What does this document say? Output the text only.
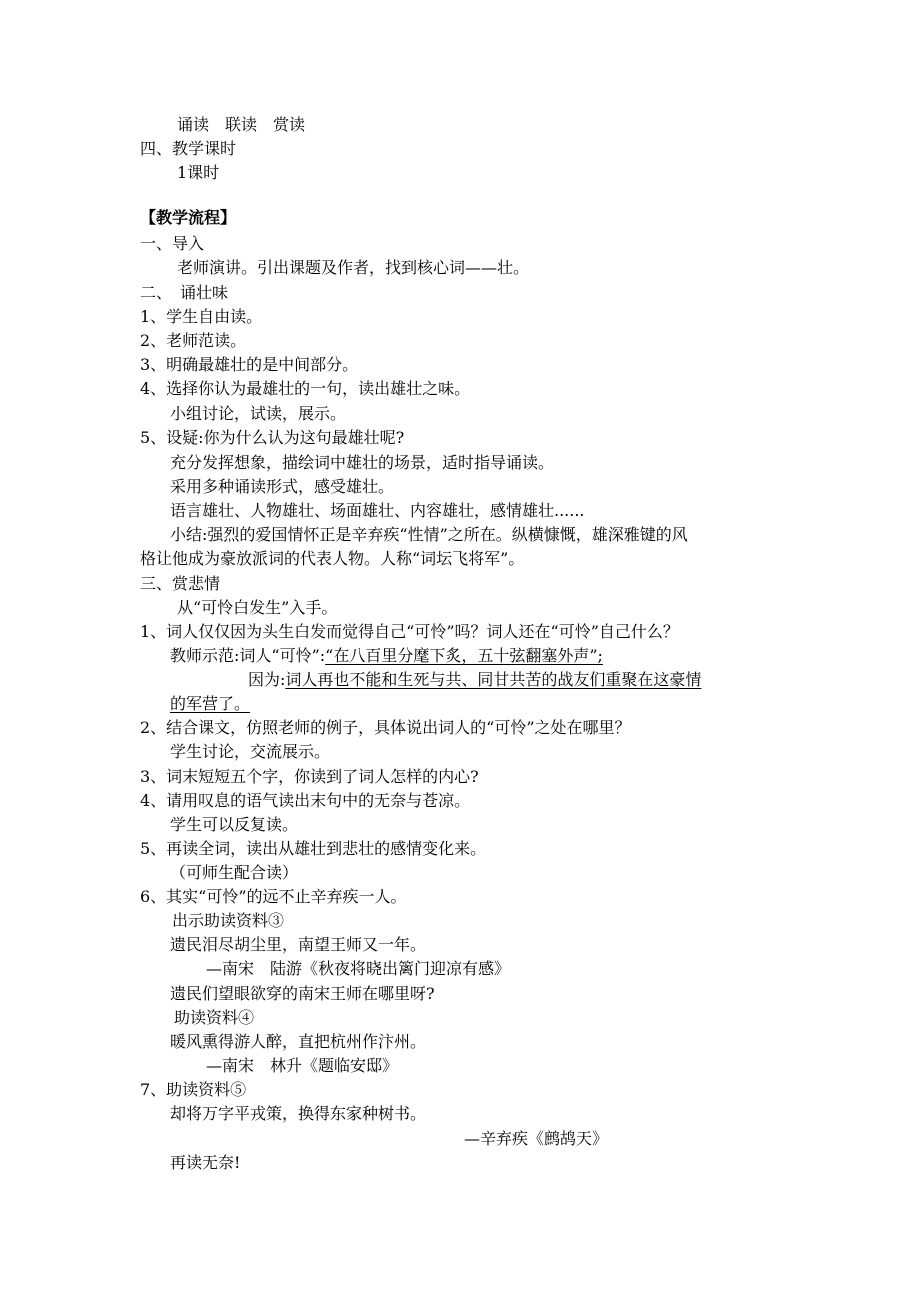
诵读　联读　赏读
四、教学课时
1课时
【教学流程】
一、导入
老师演讲。引出课题及作者，找到核心词——壮。
二、　诵壮味
1、学生自由读。
2、老师范读。
3、明确最雄壮的是中间部分。
4、选择你认为最雄壮的一句，读出雄壮之味。
小组讨论，试读，展示。
5、设疑:你为什么认为这句最雄壮呢?
充分发挥想象，描绘词中雄壮的场景，适时指导诵读。
采用多种诵读形式，感受雄壮。
语言雄壮、人物雄壮、场面雄壮、内容雄壮，感情雄壮......
小结:强烈的爱国情怀正是辛弃疾“性情”之所在。纵横慷慨，雄深雅键的风
格让他成为豪放派词的代表人物。人称“词坛飞将军”。
三、赏悲情
从“可怜白发生”入手。
1、词人仅仅因为头生白发而觉得自己“可怜”吗？词人还在“可怜”自己什么？
教师示范:词人“可怜”:“在八百里分麾下炙，五十弦翻塞外声”;
因为:词人再也不能和生死与共、同甘共苦的战友们重聚在这豪情
的军营了。
2、结合课文，仿照老师的例子，具体说出词人的“可怜”之处在哪里？
学生讨论，交流展示。
3、词末短短五个字，你读到了词人怎样的内心?
4、请用叹息的语气读出末句中的无奈与苍凉。
学生可以反复读。
5、再读全词，读出从雄壮到悲壮的感情变化来。
（可师生配合读）
6、其实“可怜”的远不止辛弃疾一人。
出示助读资料③
遗民泪尽胡尘里，南望王师又一年。
—南宋　陆游《秋夜将晓出篱门迎凉有感》
遗民们望眼欲穿的南宋王师在哪里呀?
助读资料④
暖风熏得游人醉，直把杭州作汴州。
—南宋　林升《题临安邸》
7、助读资料⑤
却将万字平戎策，换得东家种树书。
—辛弃疾《鹧鸪天》
再读无奈!
